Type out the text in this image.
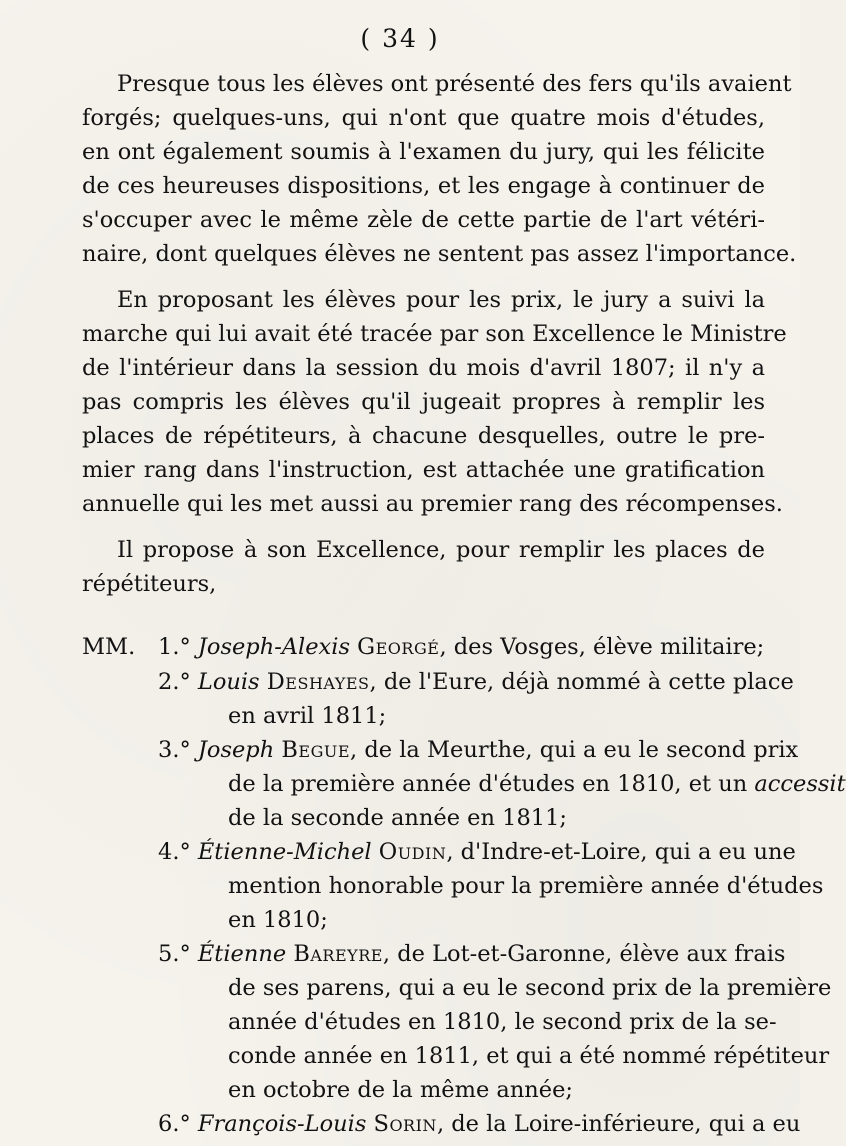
( 34 )
Presque tous les élèves ont présenté des fers qu'ils avaient
forgés; quelques-uns, qui n'ont que quatre mois d'études,
en ont également soumis à l'examen du jury, qui les félicite
de ces heureuses dispositions, et les engage à continuer de
s'occuper avec le même zèle de cette partie de l'art vétéri-
naire, dont quelques élèves ne sentent pas assez l'importance.
En proposant les élèves pour les prix, le jury a suivi la
marche qui lui avait été tracée par son Excellence le Ministre
de l'intérieur dans la session du mois d'avril 1807; il n'y a
pas compris les élèves qu'il jugeait propres à remplir les
places de répétiteurs, à chacune desquelles, outre le pre-
mier rang dans l'instruction, est attachée une gratification
annuelle qui les met aussi au premier rang des récompenses.
Il propose à son Excellence, pour remplir les places de
répétiteurs,
MM. 1.° Joseph-Alexis Georgé, des Vosges, élève militaire;
2.° Louis Deshayes, de l'Eure, déjà nommé à cette place
en avril 1811;
3.° Joseph Begue, de la Meurthe, qui a eu le second prix
de la première année d'études en 1810, et un accessit
de la seconde année en 1811;
4.° Étienne-Michel Oudin, d'Indre-et-Loire, qui a eu une
mention honorable pour la première année d'études
en 1810;
5.° Étienne Bareyre, de Lot-et-Garonne, élève aux frais
de ses parens, qui a eu le second prix de la première
année d'études en 1810, le second prix de la se-
conde année en 1811, et qui a été nommé répétiteur
en octobre de la même année;
6.° François-Louis Sorin, de la Loire-inférieure, qui a eu
